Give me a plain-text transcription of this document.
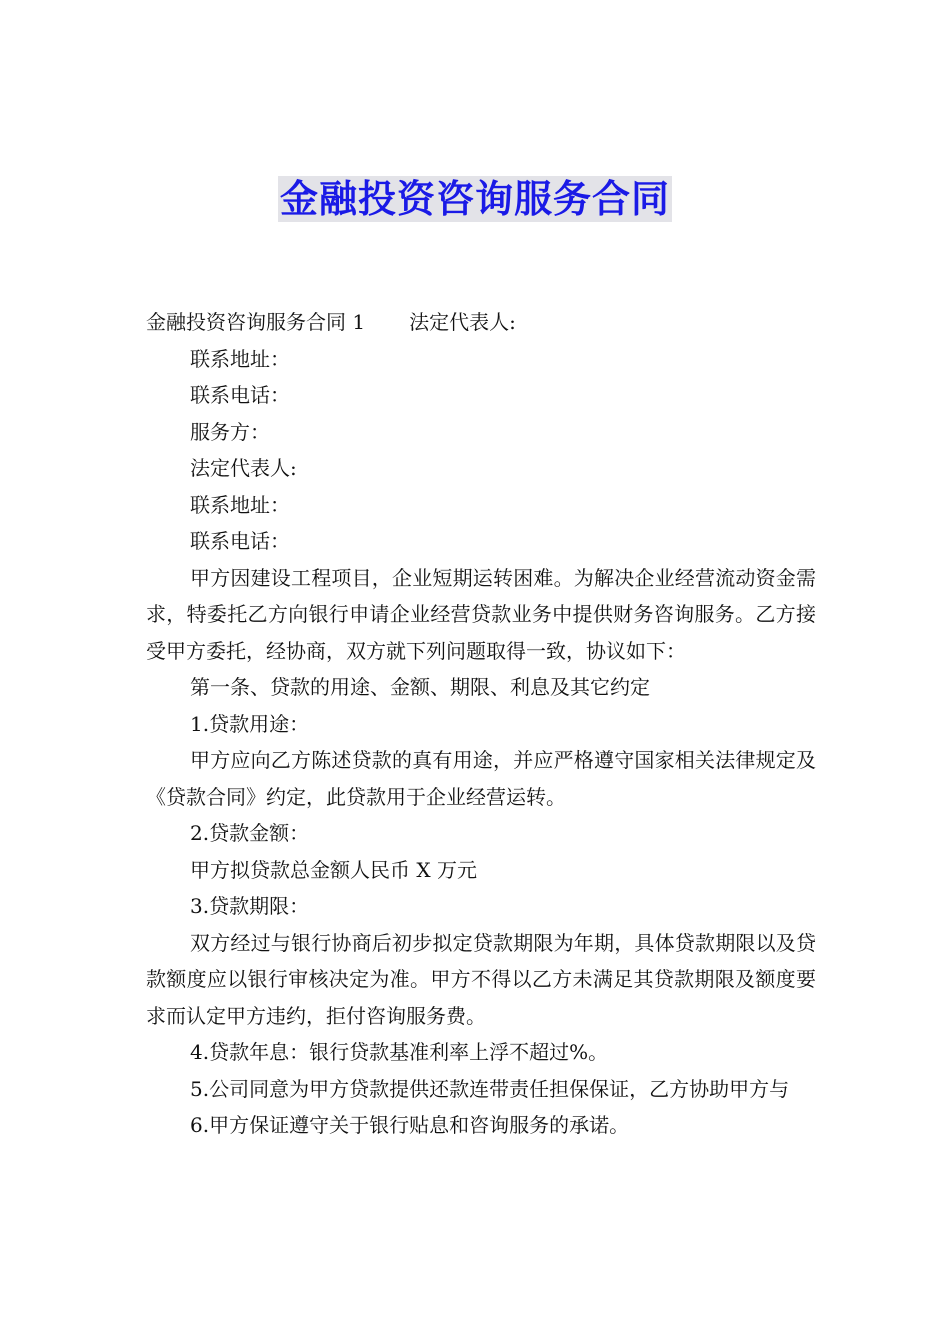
金融投资咨询服务合同

金融投资咨询服务合同 1 法定代表人:

联系地址：

联系电话：

服务方：

法定代表人:

联系地址：

联系电话：

甲方因建设工程项目，企业短期运转困难。为解决企业经营流动资金需求，特委托乙方向银行申请企业经营贷款业务中提供财务咨询服务。乙方接受甲方委托，经协商，双方就下列问题取得一致，协议如下：

第一条、贷款的用途、金额、期限、利息及其它约定

1.贷款用途：

甲方应向乙方陈述贷款的真有用途，并应严格遵守国家相关法律规定及《贷款合同》约定，此贷款用于企业经营运转。

2.贷款金额：

甲方拟贷款总金额人民币 X 万元

3.贷款期限：

双方经过与银行协商后初步拟定贷款期限为年期，具体贷款期限以及贷款额度应以银行审核决定为准。甲方不得以乙方未满足其贷款期限及额度要求而认定甲方违约，拒付咨询服务费。

4.贷款年息：银行贷款基准利率上浮不超过%。

5.公司同意为甲方贷款提供还款连带责任担保保证，乙方协助甲方与

6.甲方保证遵守关于银行贴息和咨询服务的承诺。
